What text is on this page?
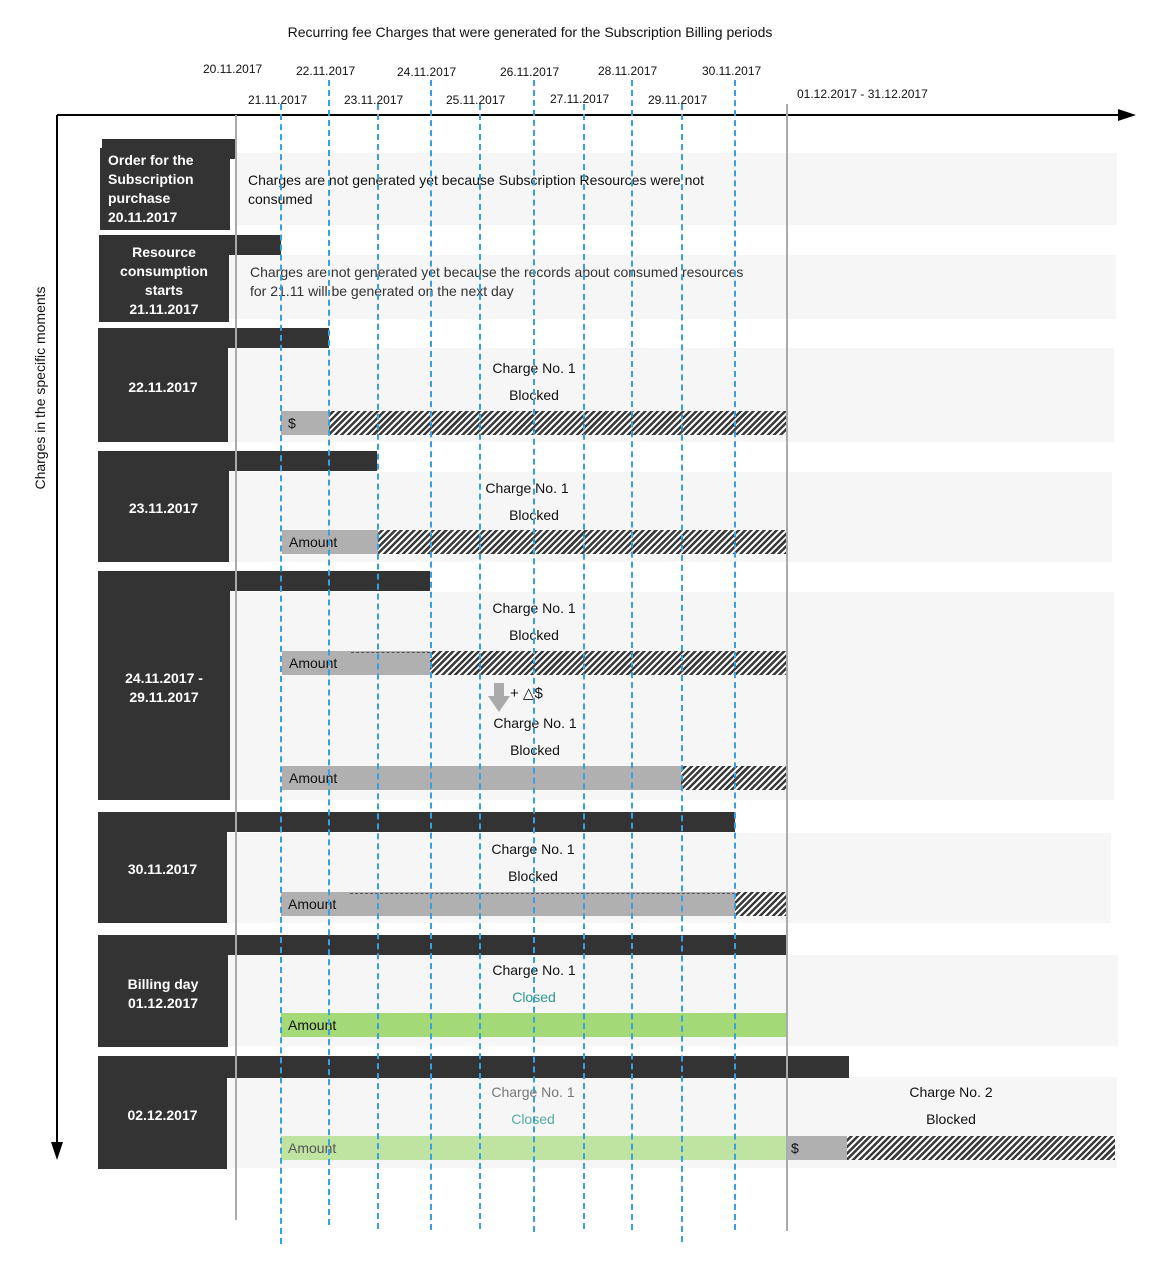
Recurring fee Charges that were generated for the Subscription Billing periods
20.11.2017	22.11.2017	24.11.2017	26.11.2017	28.11.2017	30.11.2017
21.11.2017	23.11.2017	25.11.2017	27.11.2017	29.11.2017	01.12.2017 - 31.12.2017
Charges in the specific moments
Order for the
Subscription
purchase
20.11.2017
Charges are not generated yet because Subscription Resources were not consumed
Resource
consumption
starts
21.11.2017
Charges are not generated yet because the records about consumed resources for 21.11 will be generated on the next day
22.11.2017
Charge No. 1
Blocked
$
23.11.2017
Charge No. 1
Blocked
Amount
24.11.2017 -
29.11.2017
Charge No. 1
Blocked
Amount
+ △$
Charge No. 1
Blocked
Amount
30.11.2017
Charge No. 1
Blocked
Amount
Billing day
01.12.2017
Charge No. 1
Closed
Amount
02.12.2017
Charge No. 1
Closed
Amount
Charge No. 2
Blocked
$
